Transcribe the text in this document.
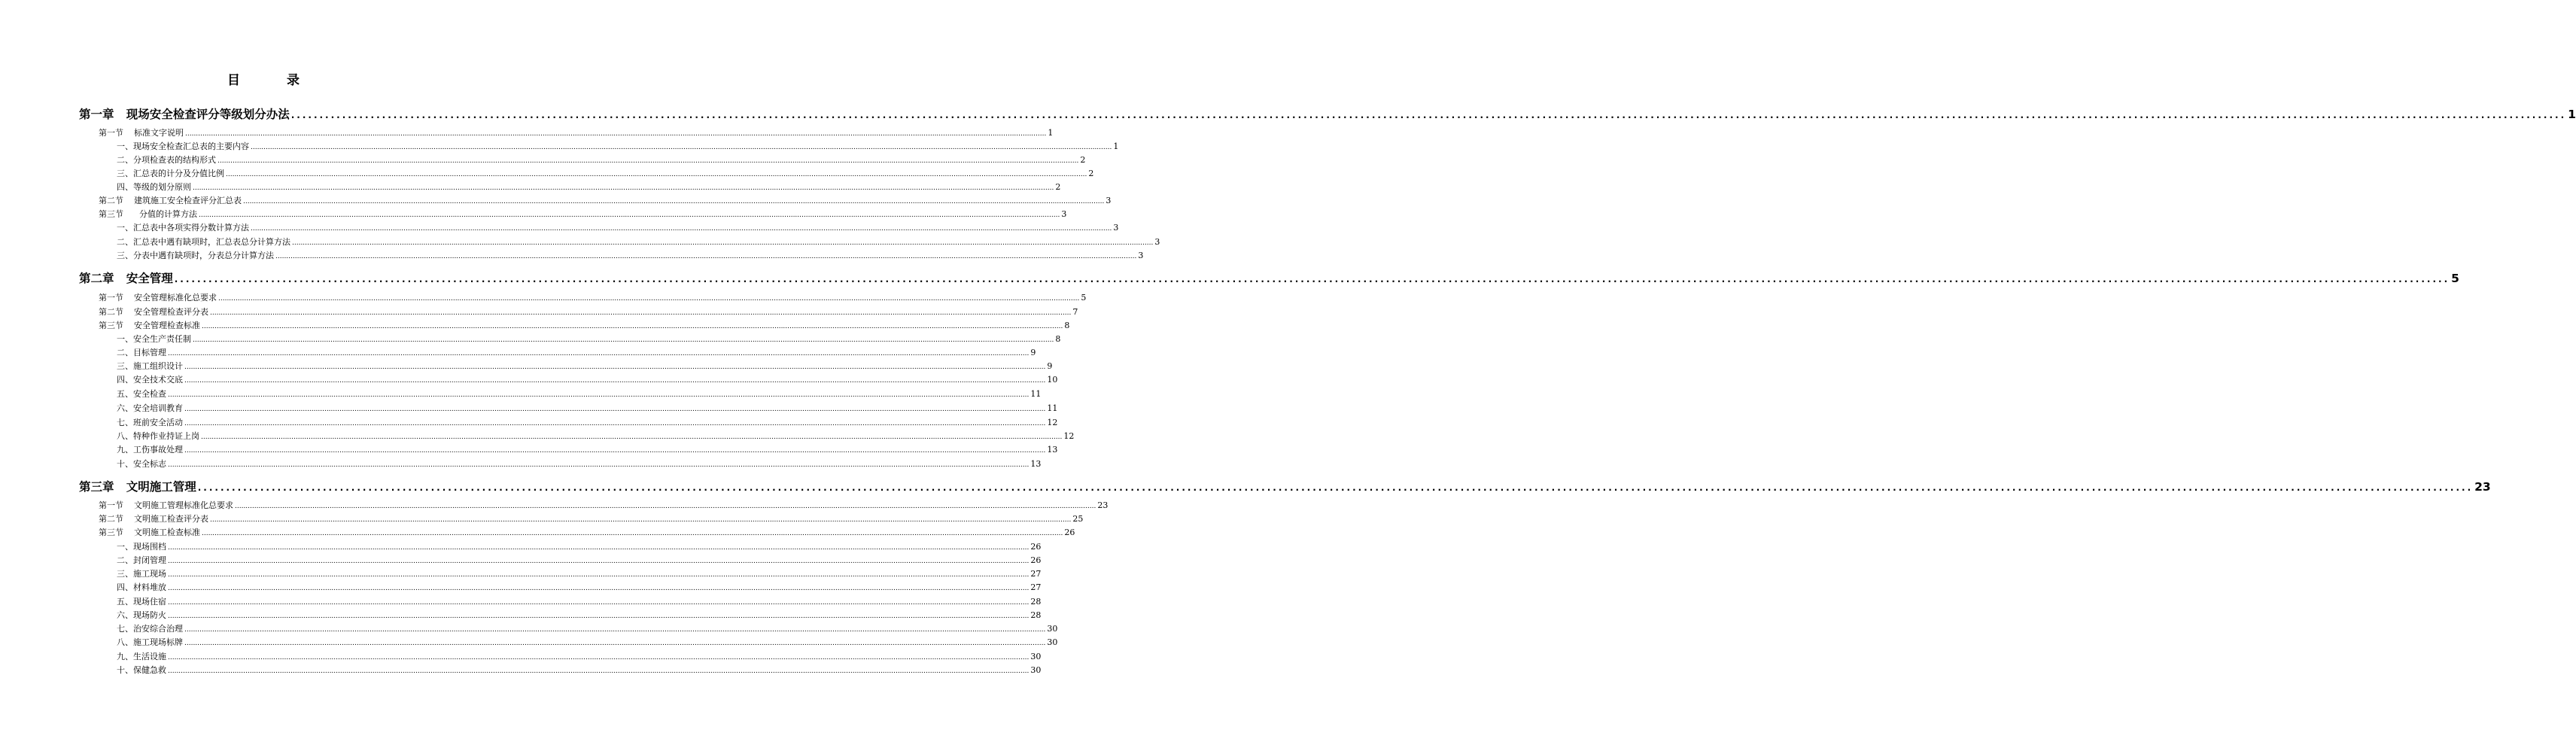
目	录
第一章   现场安全检查评分等级划分办法 ................................................................................................................................................................................................................................................................................................................................................................................................................ 1
第一节    标准文字说明 ................................................................................................................................................................................................................................................................................................................................................................................................................ 1
一、现场安全检查汇总表的主要内容 ................................................................................................................................................................................................................................................................................................................................................................................................................ 1
二、分项检查表的结构形式 ................................................................................................................................................................................................................................................................................................................................................................................................................ 2
三、汇总表的计分及分值比例 ................................................................................................................................................................................................................................................................................................................................................................................................................ 2
四、等级的划分原则 ................................................................................................................................................................................................................................................................................................................................................................................................................ 2
第二节    建筑施工安全检查评分汇总表 ................................................................................................................................................................................................................................................................................................................................................................................................................ 3
第三节      分值的计算方法 ................................................................................................................................................................................................................................................................................................................................................................................................................ 3
一、汇总表中各项实得分数计算方法 ................................................................................................................................................................................................................................................................................................................................................................................................................ 3
二、汇总表中遇有缺项时，汇总表总分计算方法 ................................................................................................................................................................................................................................................................................................................................................................................................................ 3
三、分表中遇有缺项时，分表总分计算方法 ................................................................................................................................................................................................................................................................................................................................................................................................................ 3
第二章   安全管理 ................................................................................................................................................................................................................................................................................................................................................................................................................ 5
第一节    安全管理标准化总要求 ................................................................................................................................................................................................................................................................................................................................................................................................................ 5
第二节    安全管理检查评分表 ................................................................................................................................................................................................................................................................................................................................................................................................................ 7
第三节    安全管理检查标准 ................................................................................................................................................................................................................................................................................................................................................................................................................ 8
一、安全生产责任制 ................................................................................................................................................................................................................................................................................................................................................................................................................ 8
二、目标管理 ................................................................................................................................................................................................................................................................................................................................................................................................................ 9
三、施工组织设计 ................................................................................................................................................................................................................................................................................................................................................................................................................ 9
四、安全技术交底 ................................................................................................................................................................................................................................................................................................................................................................................................................ 10
五、安全检查 ................................................................................................................................................................................................................................................................................................................................................................................................................ 11
六、安全培训教育 ................................................................................................................................................................................................................................................................................................................................................................................................................ 11
七、班前安全活动 ................................................................................................................................................................................................................................................................................................................................................................................................................ 12
八、特种作业持证上岗 ................................................................................................................................................................................................................................................................................................................................................................................................................ 12
九、工伤事故处理 ................................................................................................................................................................................................................................................................................................................................................................................................................ 13
十、安全标志 ................................................................................................................................................................................................................................................................................................................................................................................................................ 13
第三章   文明施工管理 ................................................................................................................................................................................................................................................................................................................................................................................................................ 23
第一节    文明施工管理标准化总要求 ................................................................................................................................................................................................................................................................................................................................................................................................................ 23
第二节    文明施工检查评分表 ................................................................................................................................................................................................................................................................................................................................................................................................................ 25
第三节    文明施工检查标准 ................................................................................................................................................................................................................................................................................................................................................................................................................ 26
一、现场围档 ................................................................................................................................................................................................................................................................................................................................................................................................................ 26
二、封闭管理 ................................................................................................................................................................................................................................................................................................................................................................................................................ 26
三、施工现场 ................................................................................................................................................................................................................................................................................................................................................................................................................ 27
四、材料堆放 ................................................................................................................................................................................................................................................................................................................................................................................................................ 27
五、现场住宿 ................................................................................................................................................................................................................................................................................................................................................................................................................ 28
六、现场防火 ................................................................................................................................................................................................................................................................................................................................................................................................................ 28
七、治安综合治理 ................................................................................................................................................................................................................................................................................................................................................................................................................ 30
八、施工现场标牌 ................................................................................................................................................................................................................................................................................................................................................................................................................ 30
九、生活设施 ................................................................................................................................................................................................................................................................................................................................................................................................................ 30
十、保健急救 ................................................................................................................................................................................................................................................................................................................................................................................................................ 30
